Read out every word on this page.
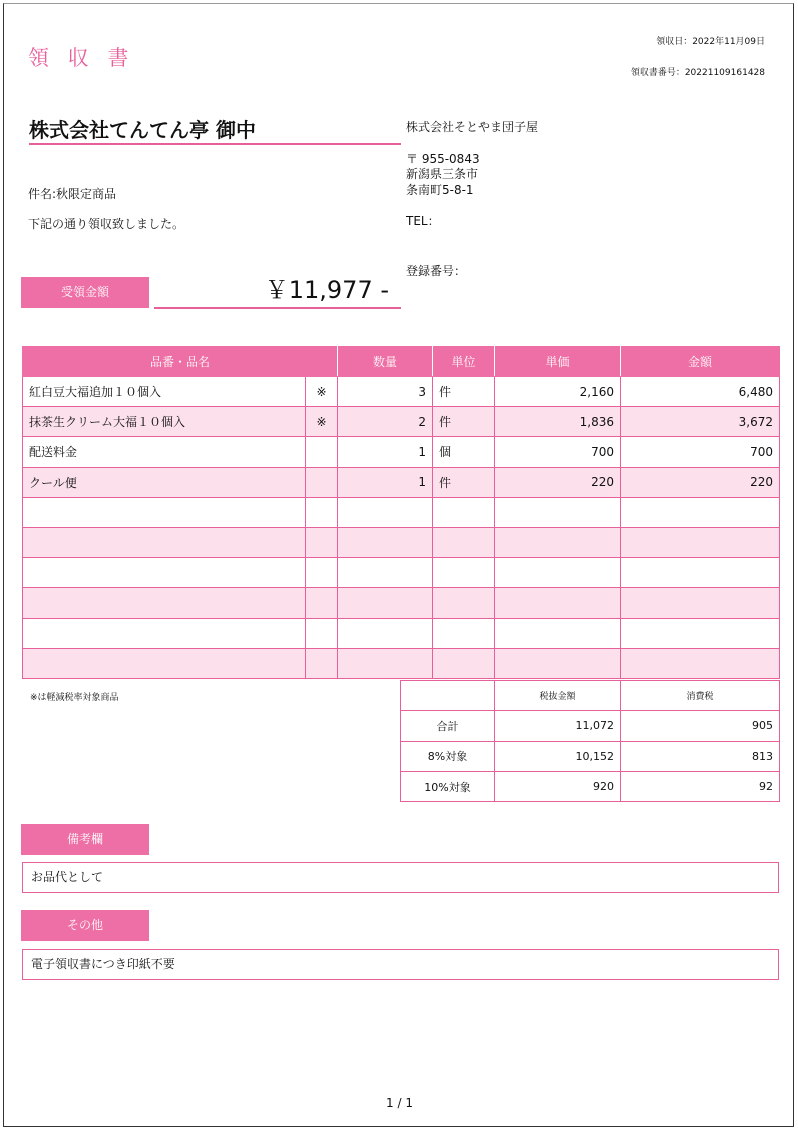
領 収 書
領収日：2022年11月09日
領収書番号：20221109161428
株式会社てんてん亭 御中
件名:秋限定商品
下記の通り領収致しました。
株式会社そとやま団子屋
〒 955-0843
新潟県三条市
条南町5-8-1
TEL：
登録番号：
受領金額	￥11,977 -
品番・品名		数量	単位	単価	金額
紅白豆大福追加１０個入	※	3	件	2,160	6,480
抹茶生クリーム大福１０個入	※	2	件	1,836	3,672
配送料金		1	個	700	700
クール便		1	件	220	220

※は軽減税率対象商品
		税抜金額	消費税
合計	11,072	905
8%対象	10,152	813
10%対象	920	92
備考欄
お品代として
その他
電子領収書につき印紙不要
1 / 1
